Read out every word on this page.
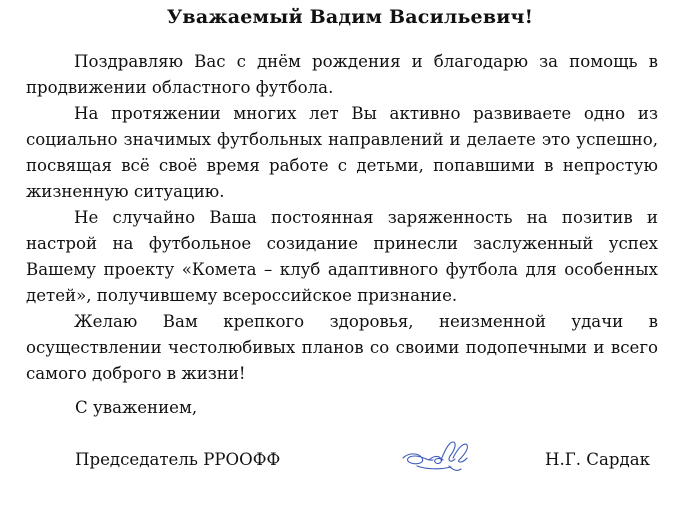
Уважаемый Вадим Васильевич!

Поздравляю Вас с днём рождения и благодарю за помощь в продвижении областного футбола.

На протяжении многих лет Вы активно развиваете одно из социально значимых футбольных направлений и делаете это успешно, посвящая всё своё время работе с детьми, попавшими в непростую жизненную ситуацию.

Не случайно Ваша постоянная заряженность на позитив и настрой на футбольное созидание принесли заслуженный успех Вашему проекту «Комета – клуб адаптивного футбола для особенных детей», получившему всероссийское признание.

Желаю Вам крепкого здоровья, неизменной удачи в осуществлении честолюбивых планов со своими подопечными и всего самого доброго в жизни!

С уважением,

Председатель РРООФФ	Н.Г. Сардак
